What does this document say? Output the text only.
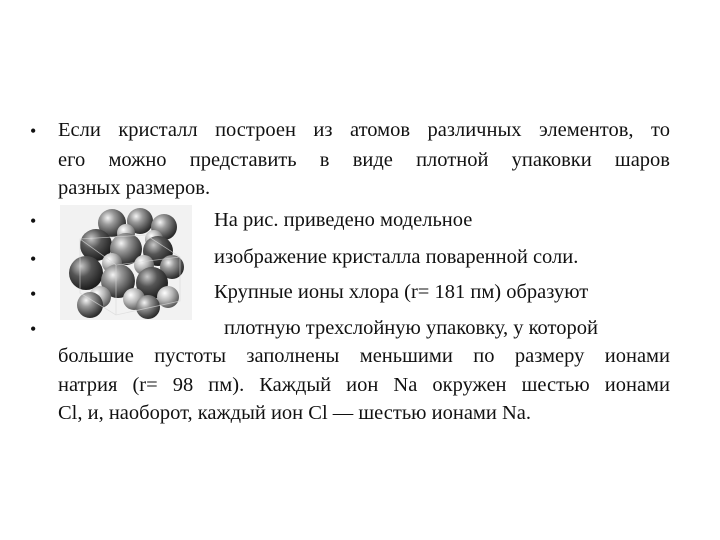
•
•
•
•
•
Если кристалл построен из атомов различных элементов, то
его можно представить в виде плотной упаковки шаров
разных размеров.
На рис. приведено модельное
изображение кристалла поваренной соли.
Крупные ионы хлора (r= 181 пм) образуют
плотную трехслойную упаковку, у которой
большие пустоты заполнены меньшими по размеру ионами
натрия (r= 98 пм). Каждый ион Na окружен шестью ионами
Cl, и, наоборот, каждый ион Cl — шестью ионами Na.
